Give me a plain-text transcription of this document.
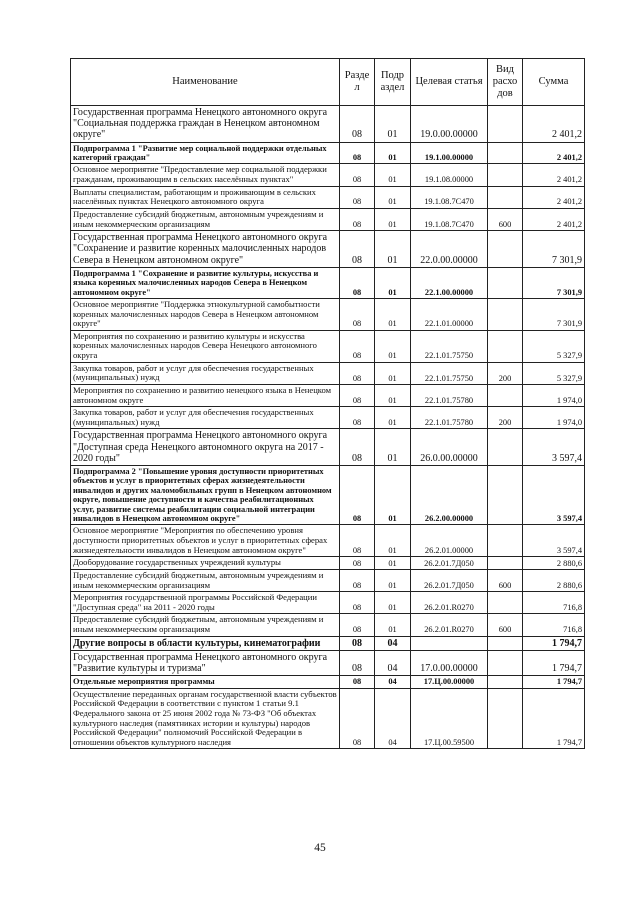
Наименование	Разде л	Подр аздел	Целевая статья	Вид расхо дов	Сумма
Государственная программа Ненецкого автономного округа "Социальная поддержка граждан в Ненецком автономном округе"	08	01	19.0.00.00000		2 401,2
Подпрограмма 1 "Развитие мер социальной поддержки отдельных категорий граждан"	08	01	19.1.00.00000		2 401,2
Основное мероприятие "Предоставление мер социальной поддержки гражданам, проживающим в сельских населённых пунктах"	08	01	19.1.08.00000		2 401,2
Выплаты специалистам, работающим и проживающим в сельских населённых пунктах Ненецкого автономного округа	08	01	19.1.08.7С470		2 401,2
Предоставление субсидий бюджетным, автономным учреждениям и иным некоммерческим организациям	08	01	19.1.08.7С470	600	2 401,2
Государственная программа Ненецкого автономного округа "Сохранение и развитие коренных малочисленных народов Севера в Ненецком автономном округе"	08	01	22.0.00.00000		7 301,9
Подпрограмма 1 "Сохранение и развитие культуры, искусства и языка коренных малочисленных народов Севера в Ненецком автономном округе"	08	01	22.1.00.00000		7 301,9
Основное мероприятие "Поддержка этнокультурной самобытности коренных малочисленных народов Севера в Ненецком автономном округе"	08	01	22.1.01.00000		7 301,9
Мероприятия по сохранению и развитию культуры и искусства коренных малочисленных народов Севера Ненецкого автономного округа	08	01	22.1.01.75750		5 327,9
Закупка товаров, работ и услуг для обеспечения государственных (муниципальных) нужд	08	01	22.1.01.75750	200	5 327,9
Мероприятия по сохранению и развитию ненецкого языка в Ненецком автономном округе	08	01	22.1.01.75780		1 974,0
Закупка товаров, работ и услуг для обеспечения государственных (муниципальных) нужд	08	01	22.1.01.75780	200	1 974,0
Государственная программа Ненецкого автономного округа "Доступная среда Ненецкого автономного округа на 2017 - 2020 годы"	08	01	26.0.00.00000		3 597,4
Подпрограмма 2 "Повышение уровня доступности приоритетных объектов и услуг в приоритетных сферах жизнедеятельности инвалидов и других маломобильных групп в Ненецком автономном округе, повышение доступности и качества реабилитационных услуг, развитие системы реабилитации социальной интеграции инвалидов в Ненецком автономном округе"	08	01	26.2.00.00000		3 597,4
Основное мероприятие "Мероприятия по обеспечению уровня доступности приоритетных объектов и услуг в приоритетных сферах жизнедеятельности инвалидов в Ненецком автономном округе"	08	01	26.2.01.00000		3 597,4
Дооборудование государственных учреждений культуры	08	01	26.2.01.7Д050		2 880,6
Предоставление субсидий бюджетным, автономным учреждениям и иным некоммерческим организациям	08	01	26.2.01.7Д050	600	2 880,6
Мероприятия государственной программы Российской Федерации "Доступная среда" на 2011 - 2020 годы	08	01	26.2.01.R0270		716,8
Предоставление субсидий бюджетным, автономным учреждениям и иным некоммерческим организациям	08	01	26.2.01.R0270	600	716,8
Другие вопросы в области культуры, кинематографии	08	04			1 794,7
Государственная программа Ненецкого автономного округа "Развитие культуры и туризма"	08	04	17.0.00.00000		1 794,7
Отдельные мероприятия программы	08	04	17.Ц.00.00000		1 794,7
Осуществление переданных органам государственной власти субъектов Российской Федерации в соответствии с пунктом 1 статьи 9.1 Федерального закона от 25 июня 2002 года № 73-ФЗ "Об объектах культурного наследия (памятниках истории и культуры) народов Российской Федерации" полномочий Российской Федерации в отношении объектов культурного наследия	08	04	17.Ц.00.59500		1 794,7
45
